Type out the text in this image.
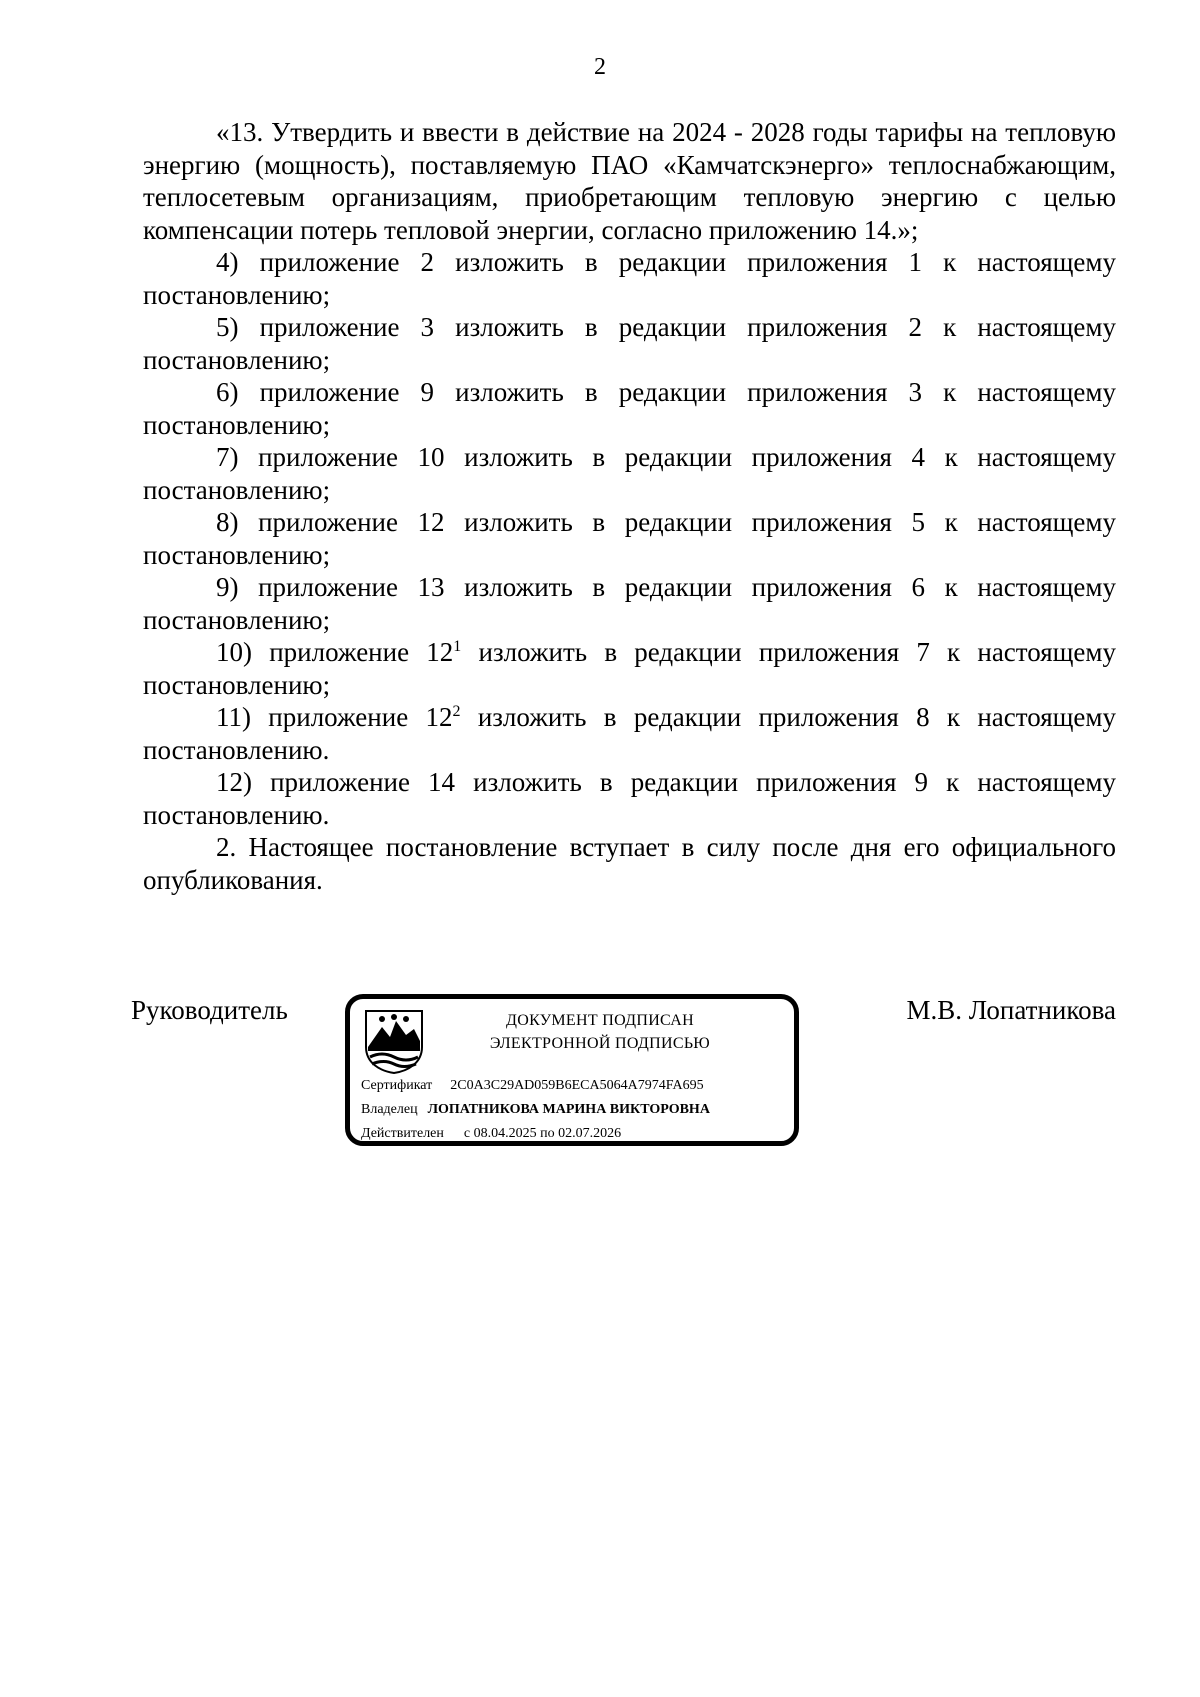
2

«13. Утвердить и ввести в действие на 2024 - 2028 годы тарифы на тепловую энергию (мощность), поставляемую ПАО «Камчатскэнерго» теплоснабжающим, теплосетевым организациям, приобретающим тепловую энергию с целью компенсации потерь тепловой энергии, согласно приложению 14.»;

4) приложение 2 изложить в редакции приложения 1 к настоящему постановлению;

5) приложение 3 изложить в редакции приложения 2 к настоящему постановлению;

6) приложение 9 изложить в редакции приложения 3 к настоящему постановлению;

7) приложение 10 изложить в редакции приложения 4 к настоящему постановлению;

8) приложение 12 изложить в редакции приложения 5 к настоящему постановлению;

9) приложение 13 изложить в редакции приложения 6 к настоящему постановлению;

10) приложение $12^1$ изложить в редакции приложения 7 к настоящему постановлению;

11) приложение $12^2$ изложить в редакции приложения 8 к настоящему постановлению.

12) приложение 14 изложить в редакции приложения 9 к настоящему постановлению.

2. Настоящее постановление вступает в силу после дня его официального опубликования.

Руководитель	М.В. Лопатникова
ДОКУМЕНТ ПОДПИСАН
ЭЛЕКТРОННОЙ ПОДПИСЬЮ
Сертификат 2C0A3C29AD059B6ECA5064A7974FA695
Владелец ЛОПАТНИКОВА МАРИНА ВИКТОРОВНА
Действителен с 08.04.2025 по 02.07.2026
